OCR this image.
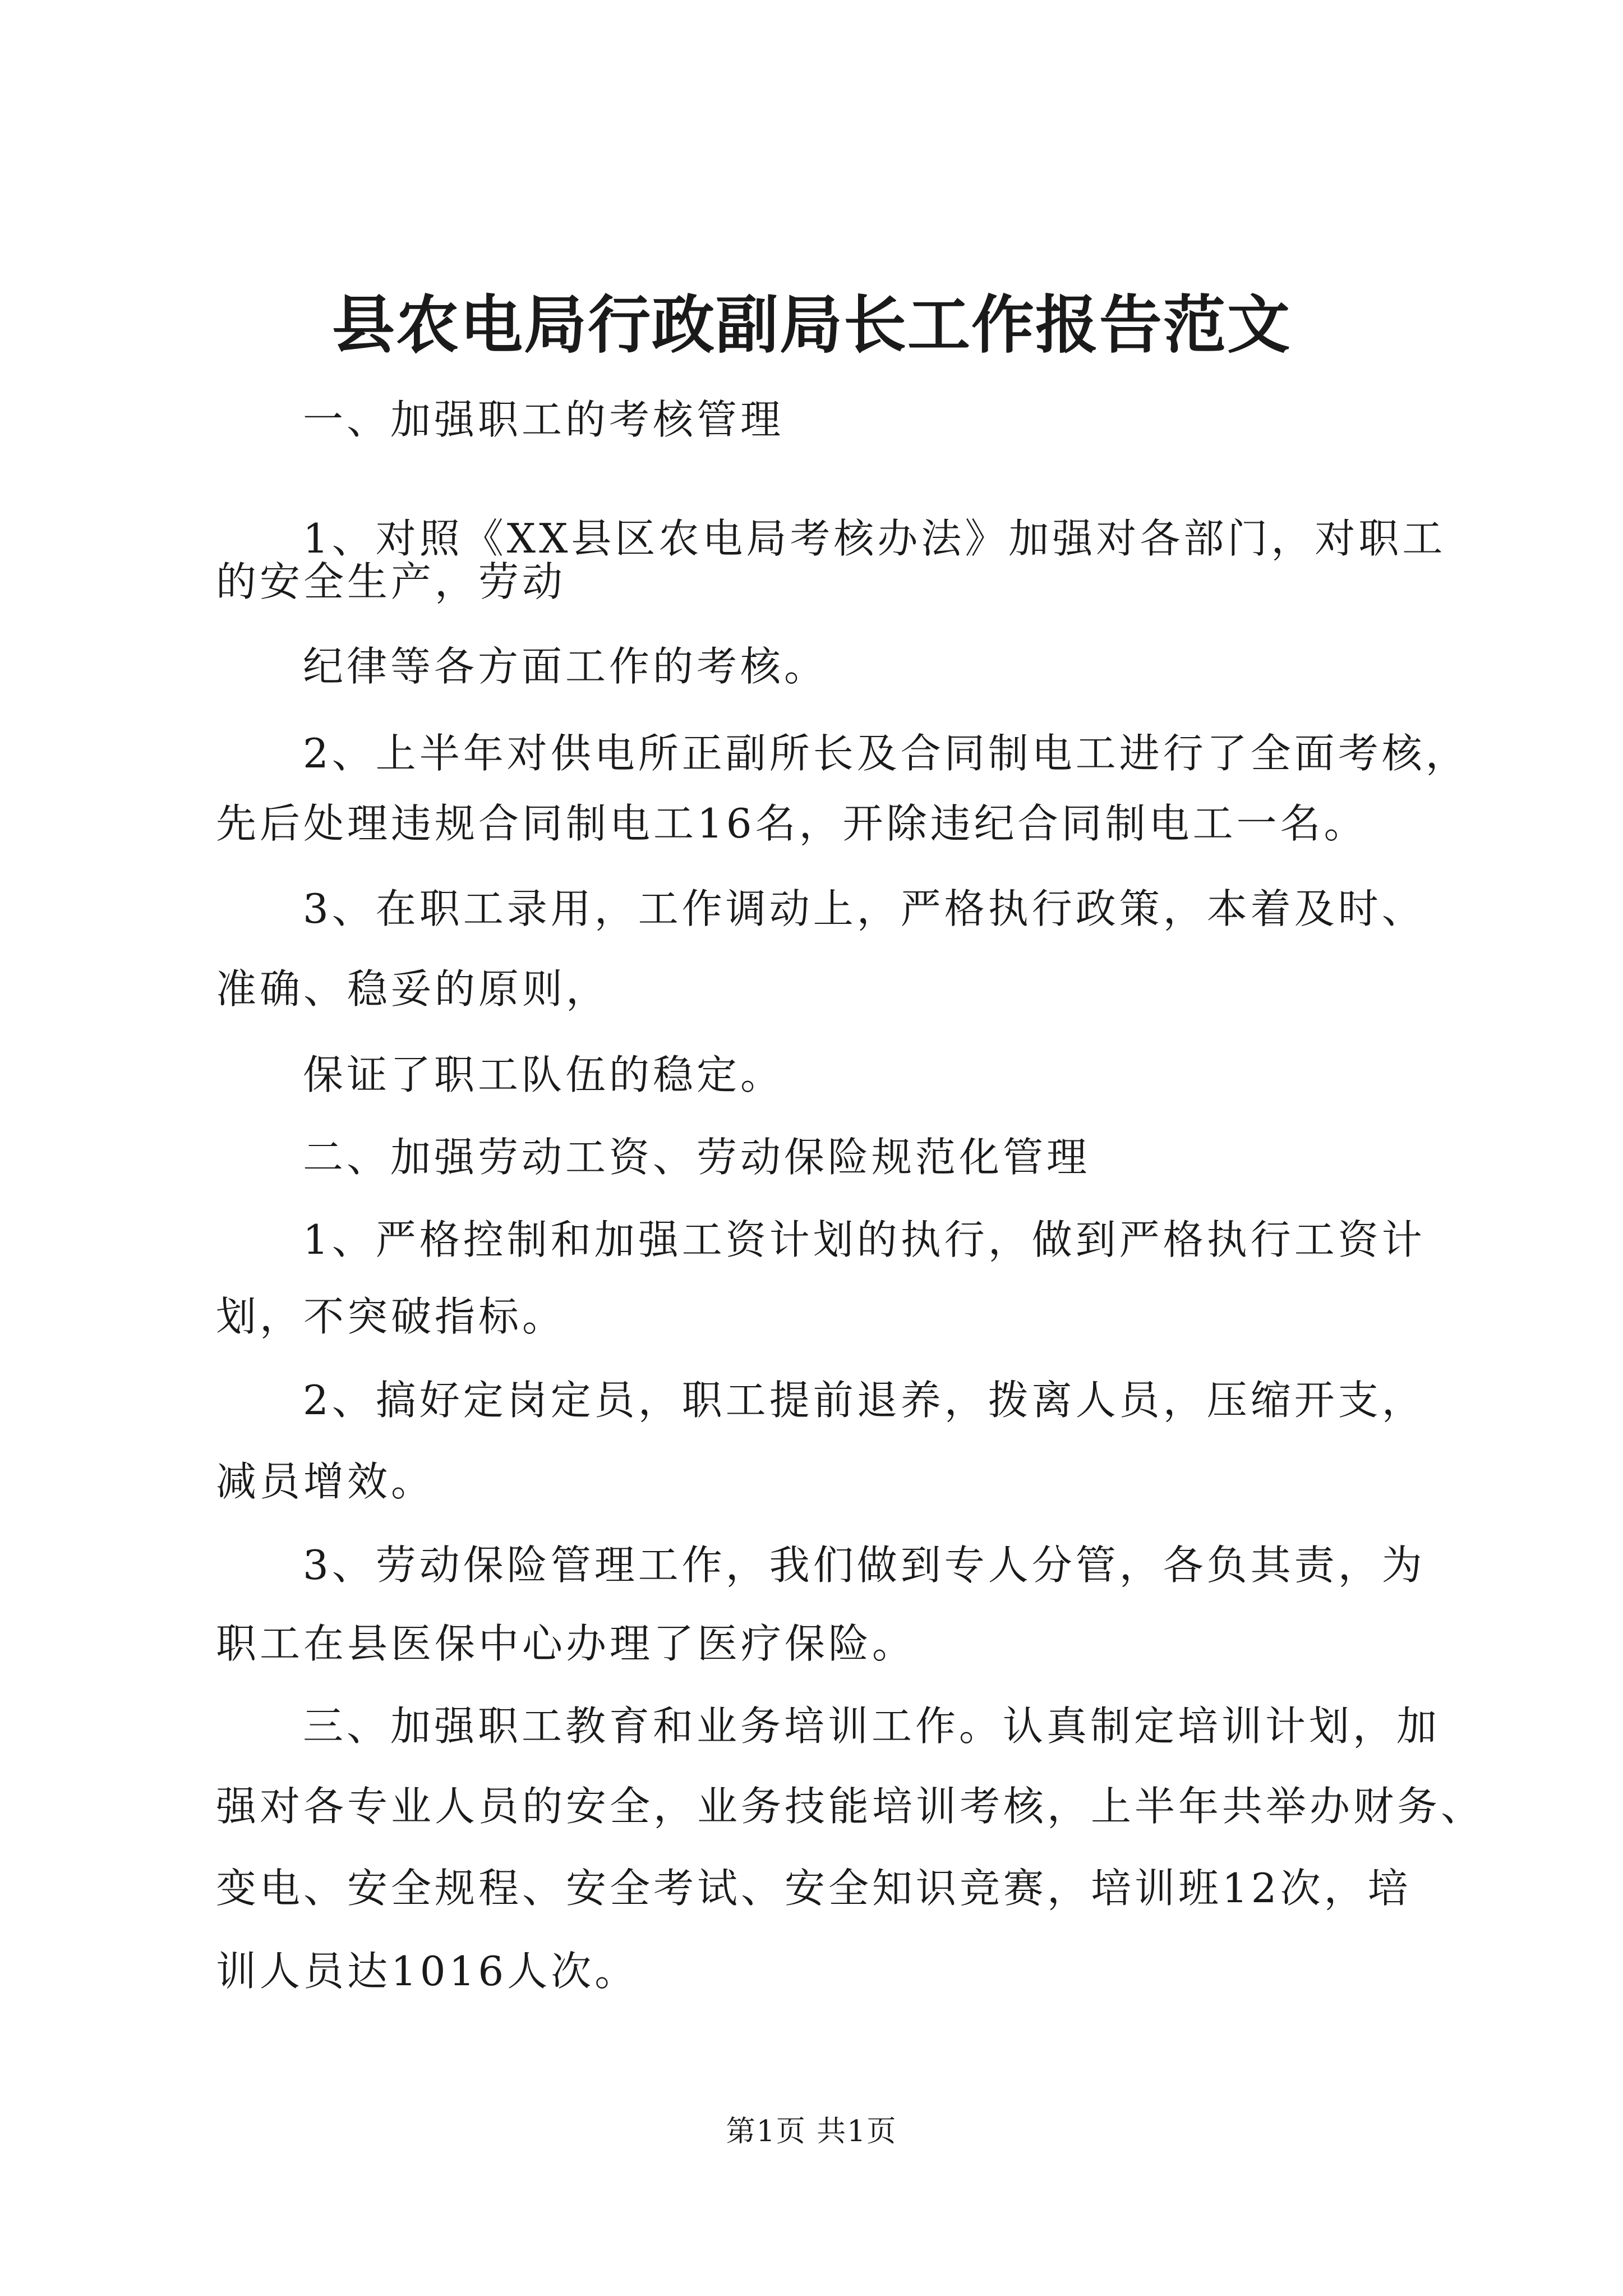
县农电局行政副局长工作报告范文
一、加强职工的考核管理
1、对照《XX县区农电局考核办法》加强对各部门，对职工
的安全生产，劳动
纪律等各方面工作的考核。
2、上半年对供电所正副所长及合同制电工进行了全面考核，
先后处理违规合同制电工16名，开除违纪合同制电工一名。
3、在职工录用，工作调动上，严格执行政策，本着及时、
准确、稳妥的原则，
保证了职工队伍的稳定。
二、加强劳动工资、劳动保险规范化管理
1、严格控制和加强工资计划的执行，做到严格执行工资计
划，不突破指标。
2、搞好定岗定员，职工提前退养，拨离人员，压缩开支，
减员增效。
3、劳动保险管理工作，我们做到专人分管，各负其责，为
职工在县医保中心办理了医疗保险。
三、加强职工教育和业务培训工作。认真制定培训计划，加
强对各专业人员的安全，业务技能培训考核，上半年共举办财务、
变电、安全规程、安全考试、安全知识竞赛，培训班12次，培
训人员达1016人次。
第1页 共1页
